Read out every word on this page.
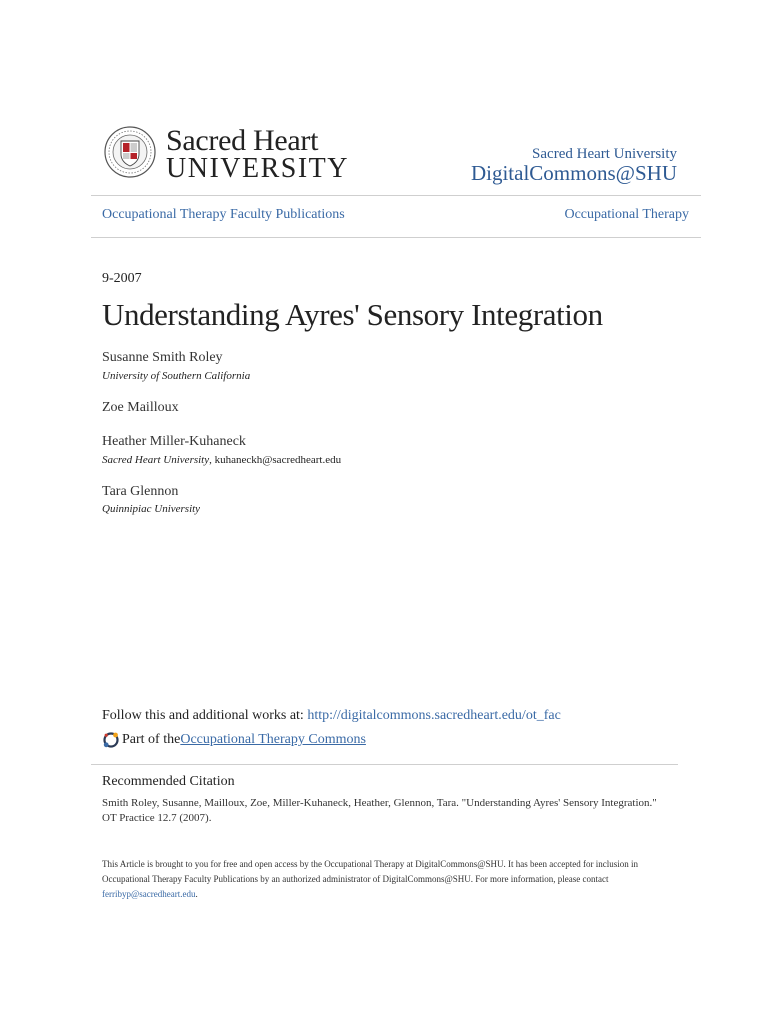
Sacred Heart
UNIVERSITY	Sacred Heart University
DigitalCommons@SHU
Occupational Therapy Faculty Publications	Occupational Therapy
9-2007
Understanding Ayres' Sensory Integration
Susanne Smith Roley
University of Southern California
Zoe Mailloux
Heather Miller-Kuhaneck
Sacred Heart University, kuhaneckh@sacredheart.edu
Tara Glennon
Quinnipiac University
Follow this and additional works at: http://digitalcommons.sacredheart.edu/ot_fac
Part of the Occupational Therapy Commons
Recommended Citation
Smith Roley, Susanne, Mailloux, Zoe, Miller-Kuhaneck, Heather, Glennon, Tara. "Understanding Ayres' Sensory Integration." OT Practice 12.7 (2007).
This Article is brought to you for free and open access by the Occupational Therapy at DigitalCommons@SHU. It has been accepted for inclusion in Occupational Therapy Faculty Publications by an authorized administrator of DigitalCommons@SHU. For more information, please contact ferribyp@sacredheart.edu.
